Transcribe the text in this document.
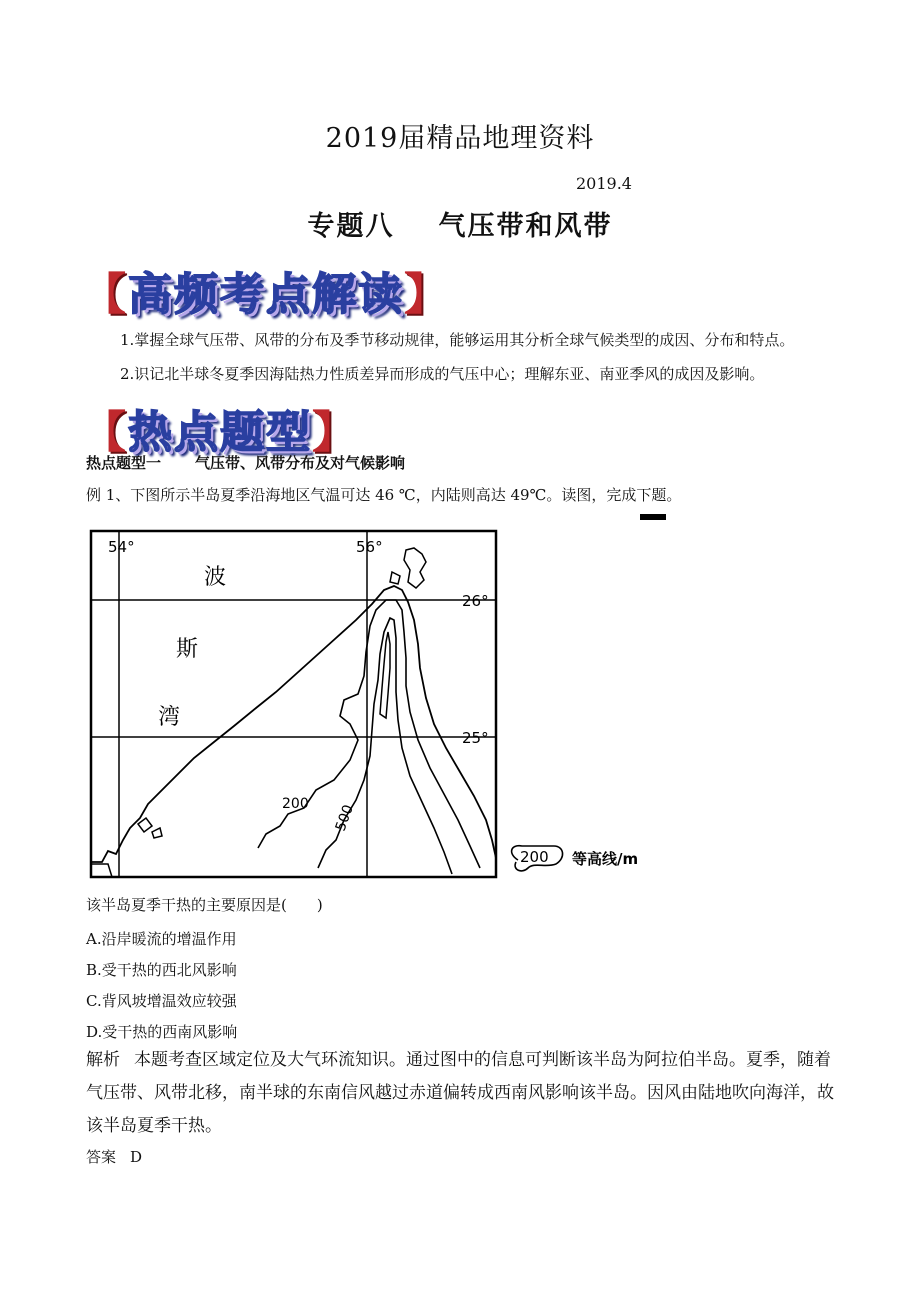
2019届精品地理资料
2019.4
专题八 气压带和风带
【高频考点解读】
1.掌握全球气压带、风带的分布及季节移动规律，能够运用其分析全球气候类型的成因、分布和特点。
2.识记北半球冬夏季因海陆热力性质差异而形成的气压中心；理解东亚、南亚季风的成因及影响。
【热点题型】
热点题型一 气压带、风带分布及对气候影响
例 1、下图所示半岛夏季沿海地区气温可达 46 ℃，内陆则高达 49℃。读图，完成下题。
54°	56°
26°
25°
波
斯
湾
200 500
200 等高线/m
该半岛夏季干热的主要原因是(　　)
A.沿岸暖流的增温作用
B.受干热的西北风影响
C.背风坡增温效应较强
D.受干热的西南风影响
解析 本题考查区域定位及大气环流知识。通过图中的信息可判断该半岛为阿拉伯半岛。夏季，随着气压带、风带北移，南半球的东南信风越过赤道偏转成西南风影响该半岛。因风由陆地吹向海洋，故该半岛夏季干热。
答案 D
